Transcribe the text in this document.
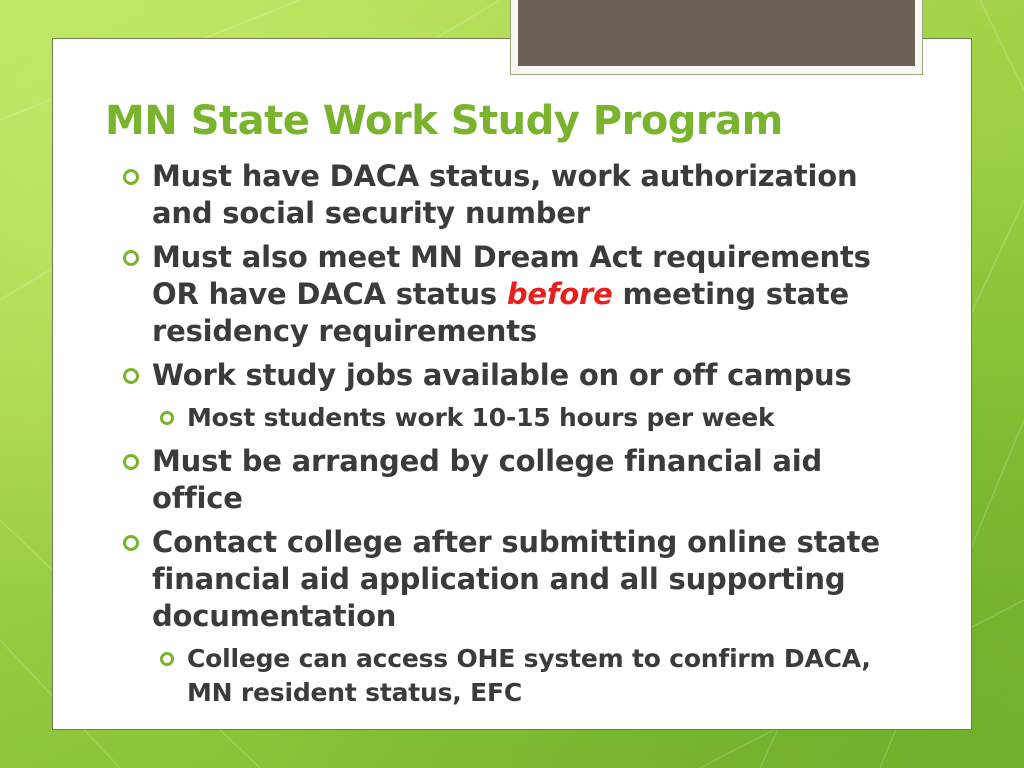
MN State Work Study Program
Must have DACA status, work authorization and social security number
Must also meet MN Dream Act requirements OR have DACA status before meeting state residency requirements
Work study jobs available on or off campus
Most students work 10-15 hours per week
Must be arranged by college financial aid office
Contact college after submitting online state financial aid application and all supporting documentation
College can access OHE system to confirm DACA, MN resident status, EFC
